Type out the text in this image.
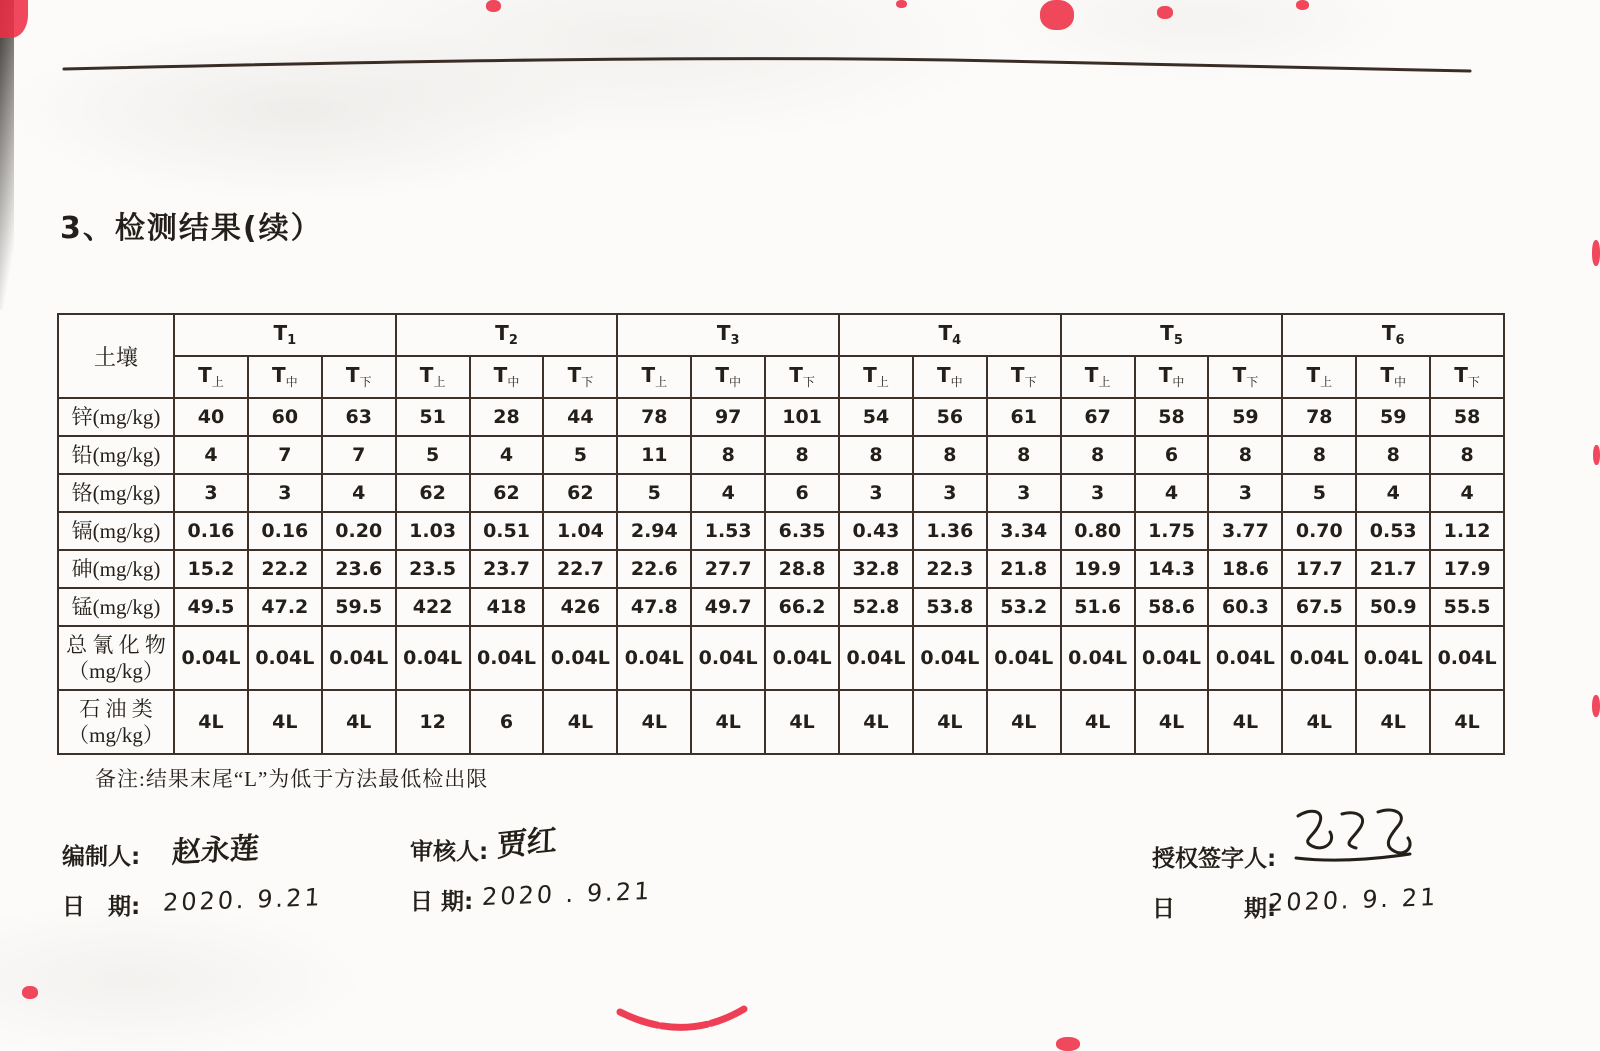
3、检测结果(续）
土壤	$T_1$			$T_2$			$T_3$			$T_4$			$T_5$			$T_6$
	$T_上$	$T_中$	$T_下$	$T_上$	$T_中$	$T_下$	$T_上$	$T_中$	$T_下$	$T_上$	$T_中$	$T_下$	$T_上$	$T_中$	$T_下$	$T_上$	$T_中$	$T_下$

锌(mg/kg)	40	60	63	51	28	44	78	97	101	54	56	61	67	58	59	78	59	58

铅(mg/kg)	4	7	7	5	4	5	11	8	8	8	8	8	8	6	8	8	8	8

铬(mg/kg)	3	3	4	62	62	62	5	4	6	3	3	3	3	4	3	5	4	4

镉(mg/kg)	0.16	0.16	0.20	1.03	0.51	1.04	2.94	1.53	6.35	0.43	1.36	3.34	0.80	1.75	3.77	0.70	0.53	1.12

砷(mg/kg)	15.2	22.2	23.6	23.5	23.7	22.7	22.6	27.7	28.8	32.8	22.3	21.8	19.9	14.3	18.6	17.7	21.7	17.9

锰(mg/kg)	49.5	47.2	59.5	422	418	426	47.8	49.7	66.2	52.8	53.8	53.2	51.6	58.6	60.3	67.5	50.9	55.5

总 氰 化 物
（mg/kg）	0.04L	0.04L	0.04L	0.04L	0.04L	0.04L	0.04L	0.04L	0.04L	0.04L	0.04L	0.04L	0.04L	0.04L	0.04L	0.04L	0.04L	0.04L

石 油 类
（mg/kg）	4L	4L	4L	12	6	4L	4L	4L	4L	4L	4L	4L	4L	4L	4L	4L	4L	4L
备注:结果末尾“L”为低于方法最低检出限
编制人: 赵永莲
日　期: 2020. 9.21
审核人: 贾红
日 期: 2020 . 9.21
授权签字人:
日　　　期:
2020. 9. 21
